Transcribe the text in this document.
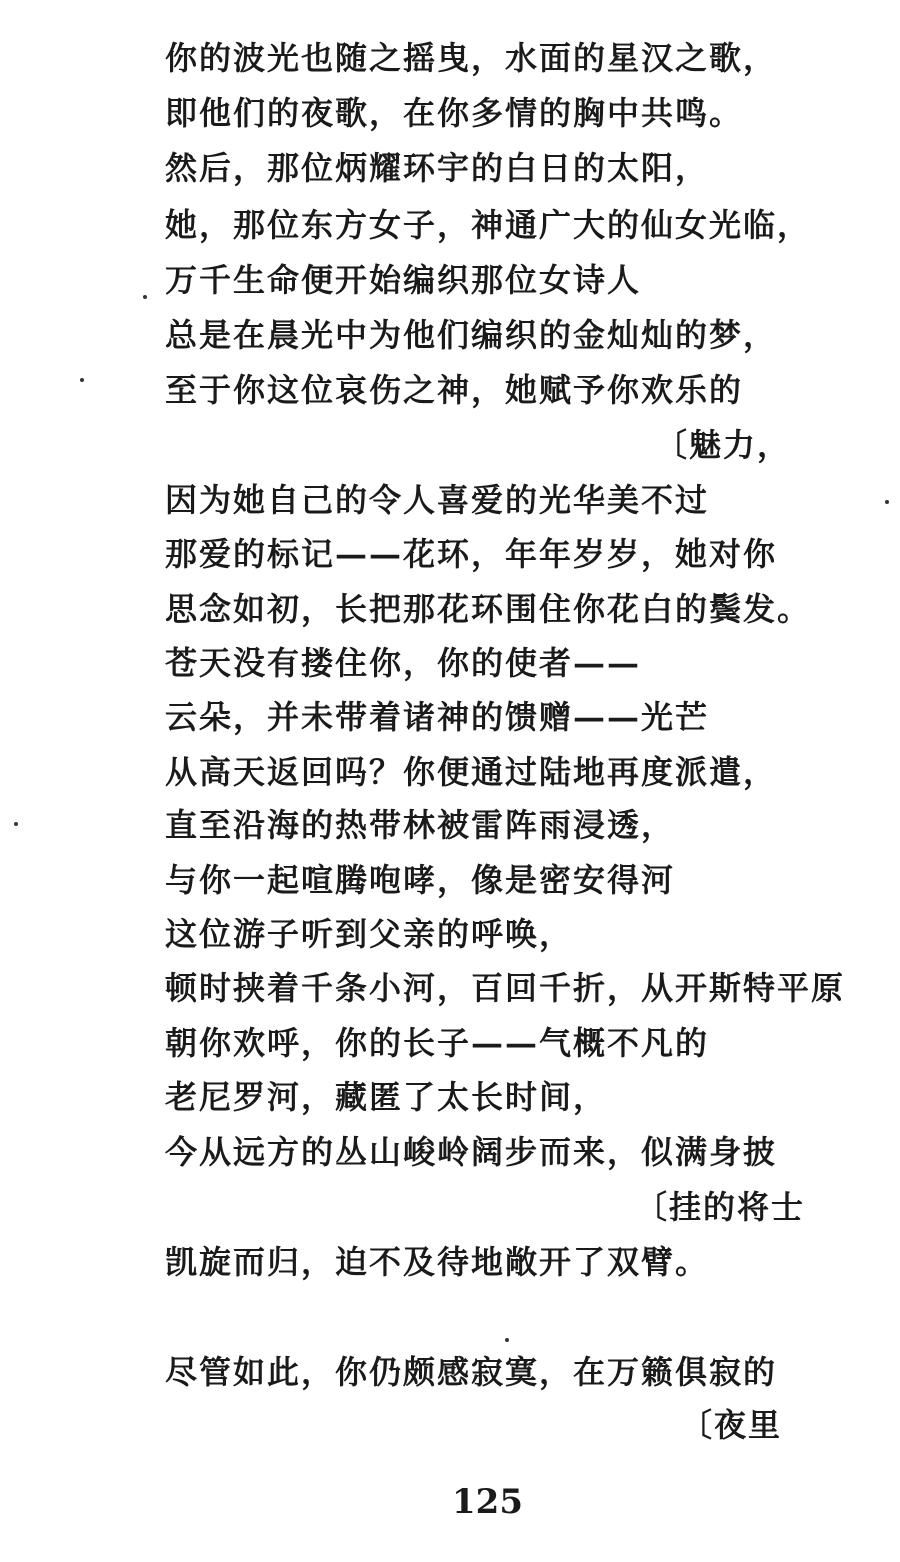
你的波光也随之摇曳，水面的星汉之歌，
即他们的夜歌，在你多情的胸中共鸣。
然后，那位炳耀环宇的白日的太阳，
她，那位东方女子，神通广大的仙女光临，
万千生命便开始编织那位女诗人
总是在晨光中为他们编织的金灿灿的梦，
至于你这位哀伤之神，她赋予你欢乐的
〔魅力，
因为她自己的令人喜爱的光华美不过
那爱的标记——花环，年年岁岁，她对你
思念如初，长把那花环围住你花白的鬓发。
苍天没有搂住你，你的使者——
云朵，并未带着诸神的馈赠——光芒
从高天返回吗？你便通过陆地再度派遣，
直至沿海的热带林被雷阵雨浸透，
与你一起喧腾咆哮，像是密安得河
这位游子听到父亲的呼唤，
顿时挟着千条小河，百回千折，从开斯特平原
朝你欢呼，你的长子——气概不凡的
老尼罗河，藏匿了太长时间，
今从远方的丛山峻岭阔步而来，似满身披
〔挂的将士
凯旋而归，迫不及待地敞开了双臂。
尽管如此，你仍颇感寂寞，在万籁俱寂的
〔夜里
125
